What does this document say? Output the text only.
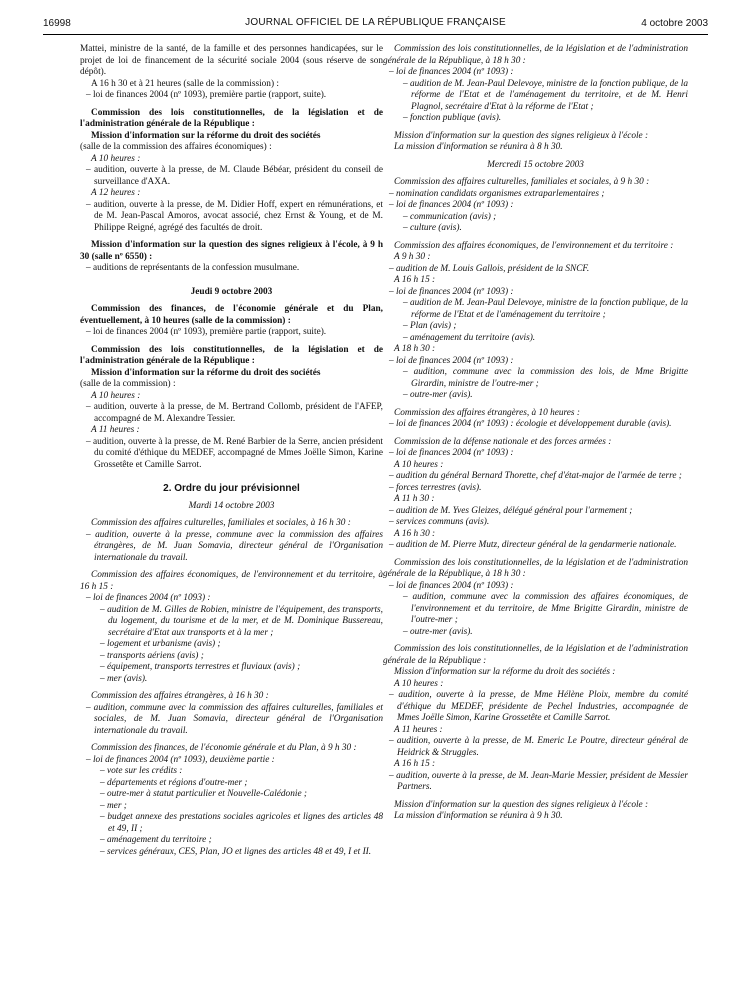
16998	JOURNAL OFFICIEL DE LA RÉPUBLIQUE FRANÇAISE	4 octobre 2003

Mattei, ministre de la santé, de la famille et des personnes handicapées, sur le projet de loi de financement de la sécurité sociale 2004 (sous réserve de son dépôt).

A 16 h 30 et à 21 heures (salle de la commission) :

– loi de finances 2004 (nº 1093), première partie (rapport, suite).

Commission des lois constitutionnelles, de la législation et de l'administration générale de la République :

Mission d'information sur la réforme du droit des sociétés

(salle de la commission des affaires économiques) :

A 10 heures :

– audition, ouverte à la presse, de M. Claude Bébéar, président du conseil de surveillance d'AXA.

A 12 heures :

– audition, ouverte à la presse, de M. Didier Hoff, expert en rémunérations, et de M. Jean-Pascal Amoros, avocat associé, chez Ernst & Young, et de M. Philippe Reigné, agrégé des facultés de droit.

Mission d'information sur la question des signes religieux à l'école, à 9 h 30 (salle nº 6550) :

– auditions de représentants de la confession musulmane.

Jeudi 9 octobre 2003

Commission des finances, de l'économie générale et du Plan, éventuellement, à 10 heures (salle de la commission) :

– loi de finances 2004 (nº 1093), première partie (rapport, suite).

Commission des lois constitutionnelles, de la législation et de l'administration générale de la République :

Mission d'information sur la réforme du droit des sociétés

(salle de la commission) :

A 10 heures :

– audition, ouverte à la presse, de M. Bertrand Collomb, président de l'AFEP, accompagné de M. Alexandre Tessier.

A 11 heures :

– audition, ouverte à la presse, de M. René Barbier de la Serre, ancien président du comité d'éthique du MEDEF, accompagné de Mmes Joëlle Simon, Karine Grossetête et Camille Sarrot.

2. Ordre du jour prévisionnel

Mardi 14 octobre 2003

Commission des affaires culturelles, familiales et sociales, à 16 h 30 :

– audition, ouverte à la presse, commune avec la commission des affaires étrangères, de M. Juan Somavia, directeur général de l'Organisation internationale du travail.

Commission des affaires économiques, de l'environnement et du territoire, à 16 h 15 :

– loi de finances 2004 (nº 1093) :

– audition de M. Gilles de Robien, ministre de l'équipement, des transports, du logement, du tourisme et de la mer, et de M. Dominique Bussereau, secrétaire d'Etat aux transports et à la mer ;

– logement et urbanisme (avis) ;

– transports aériens (avis) ;

– équipement, transports terrestres et fluviaux (avis) ;

– mer (avis).

Commission des affaires étrangères, à 16 h 30 :

– audition, commune avec la commission des affaires culturelles, familiales et sociales, de M. Juan Somavia, directeur général de l'Organisation internationale du travail.

Commission des finances, de l'économie générale et du Plan, à 9 h 30 :

– loi de finances 2004 (nº 1093), deuxième partie :

– vote sur les crédits :

– départements et régions d'outre-mer ;

– outre-mer à statut particulier et Nouvelle-Calédonie ;

– mer ;

– budget annexe des prestations sociales agricoles et lignes des articles 48 et 49, II ;

– aménagement du territoire ;

– services généraux, CES, Plan, JO et lignes des articles 48 et 49, I et II.

Commission des lois constitutionnelles, de la législation et de l'administration générale de la République, à 18 h 30 :

– loi de finances 2004 (nº 1093) :

– audition de M. Jean-Paul Delevoye, ministre de la fonction publique, de la réforme de l'Etat et de l'aménagement du territoire, et de M. Henri Plagnol, secrétaire d'Etat à la réforme de l'Etat ;

– fonction publique (avis).

Mission d'information sur la question des signes religieux à l'école :

La mission d'information se réunira à 8 h 30.

Mercredi 15 octobre 2003

Commission des affaires culturelles, familiales et sociales, à 9 h 30 :

– nomination candidats organismes extraparlementaires ;

– loi de finances 2004 (nº 1093) :

– communication (avis) ;

– culture (avis).

Commission des affaires économiques, de l'environnement et du territoire :

A 9 h 30 :

– audition de M. Louis Gallois, président de la SNCF.

A 16 h 15 :

– loi de finances 2004 (nº 1093) :

– audition de M. Jean-Paul Delevoye, ministre de la fonction publique, de la réforme de l'Etat et de l'aménagement du territoire ;

– Plan (avis) ;

– aménagement du territoire (avis).

A 18 h 30 :

– loi de finances 2004 (nº 1093) :

– audition, commune avec la commission des lois, de Mme Brigitte Girardin, ministre de l'outre-mer ;

– outre-mer (avis).

Commission des affaires étrangères, à 10 heures :

– loi de finances 2004 (nº 1093) : écologie et développement durable (avis).

Commission de la défense nationale et des forces armées :

– loi de finances 2004 (nº 1093) :

A 10 heures :

– audition du général Bernard Thorette, chef d'état-major de l'armée de terre ;

– forces terrestres (avis).

A 11 h 30 :

– audition de M. Yves Gleizes, délégué général pour l'armement ;

– services communs (avis).

A 16 h 30 :

– audition de M. Pierre Mutz, directeur général de la gendarmerie nationale.

Commission des lois constitutionnelles, de la législation et de l'administration générale de la République, à 18 h 30 :

– loi de finances 2004 (nº 1093) :

– audition, commune avec la commission des affaires économiques, de l'environnement et du territoire, de Mme Brigitte Girardin, ministre de l'outre-mer ;

– outre-mer (avis).

Commission des lois constitutionnelles, de la législation et de l'administration générale de la République :

Mission d'information sur la réforme du droit des sociétés :

A 10 heures :

– audition, ouverte à la presse, de Mme Hélène Ploix, membre du comité d'éthique du MEDEF, présidente de Pechel Industries, accompagnée de Mmes Joëlle Simon, Karine Grossetête et Camille Sarrot.

A 11 heures :

– audition, ouverte à la presse, de M. Emeric Le Poutre, directeur général de Heidrick & Struggles.

A 16 h 15 :

– audition, ouverte à la presse, de M. Jean-Marie Messier, président de Messier Partners.

Mission d'information sur la question des signes religieux à l'école :

La mission d'information se réunira à 9 h 30.
